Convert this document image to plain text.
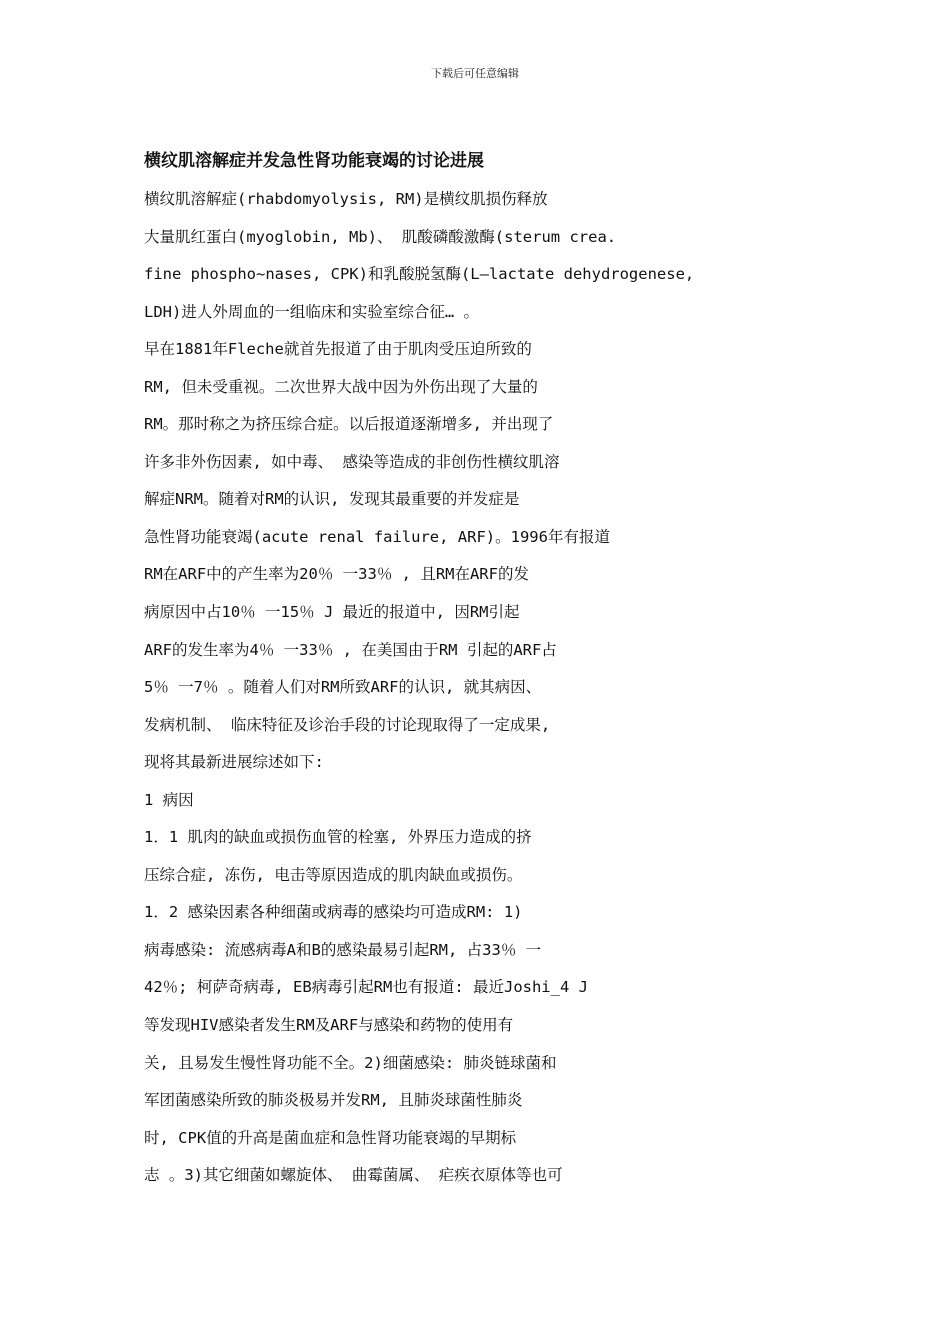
下载后可任意编辑
横纹肌溶解症并发急性肾功能衰竭的讨论进展
横纹肌溶解症(rhabdomyolysis, RM)是横纹肌损伤释放
大量肌红蛋白(myoglobin, Mb)、 肌酸磷酸激酶(sterum crea.
fine phospho~nases, CPK)和乳酸脱氢酶(L—lactate dehydrogenese,
LDH)进人外周血的一组临床和实验室综合征… 。
早在1881年Fleche就首先报道了由于肌肉受压迫所致的
RM, 但未受重视。二次世界大战中因为外伤出现了大量的
RM。那时称之为挤压综合症。以后报道逐渐增多, 并出现了
许多非外伤因素, 如中毒、 感染等造成的非创伤性横纹肌溶
解症NRM。随着对RM的认识, 发现其最重要的并发症是
急性肾功能衰竭(acute renal failure, ARF)。1996年有报道
RM在ARF中的产生率为20％ 一33％ , 且RM在ARF的发
病原因中占10％ 一15％ J 最近的报道中, 因RM引起
ARF的发生率为4％ 一33％ , 在美国由于RM 引起的ARF占
5％ 一7％ 。随着人们对RM所致ARF的认识, 就其病因、
发病机制、 临床特征及诊治手段的讨论现取得了一定成果,
现将其最新进展综述如下:
1 病因
1．1 肌肉的缺血或损伤血管的栓塞, 外界压力造成的挤
压综合症, 冻伤, 电击等原因造成的肌肉缺血或损伤。
1．2 感染因素各种细菌或病毒的感染均可造成RM: 1)
病毒感染: 流感病毒A和B的感染最易引起RM, 占33％ 一
42％; 柯萨奇病毒, EB病毒引起RM也有报道: 最近Joshi_4 J
等发现HIV感染者发生RM及ARF与感染和药物的使用有
关, 且易发生慢性肾功能不全。2)细菌感染: 肺炎链球菌和
军团菌感染所致的肺炎极易并发RM, 且肺炎球菌性肺炎
时, CPK值的升高是菌血症和急性肾功能衰竭的早期标
志 。3)其它细菌如螺旋体、 曲霉菌属、 疟疾衣原体等也可
